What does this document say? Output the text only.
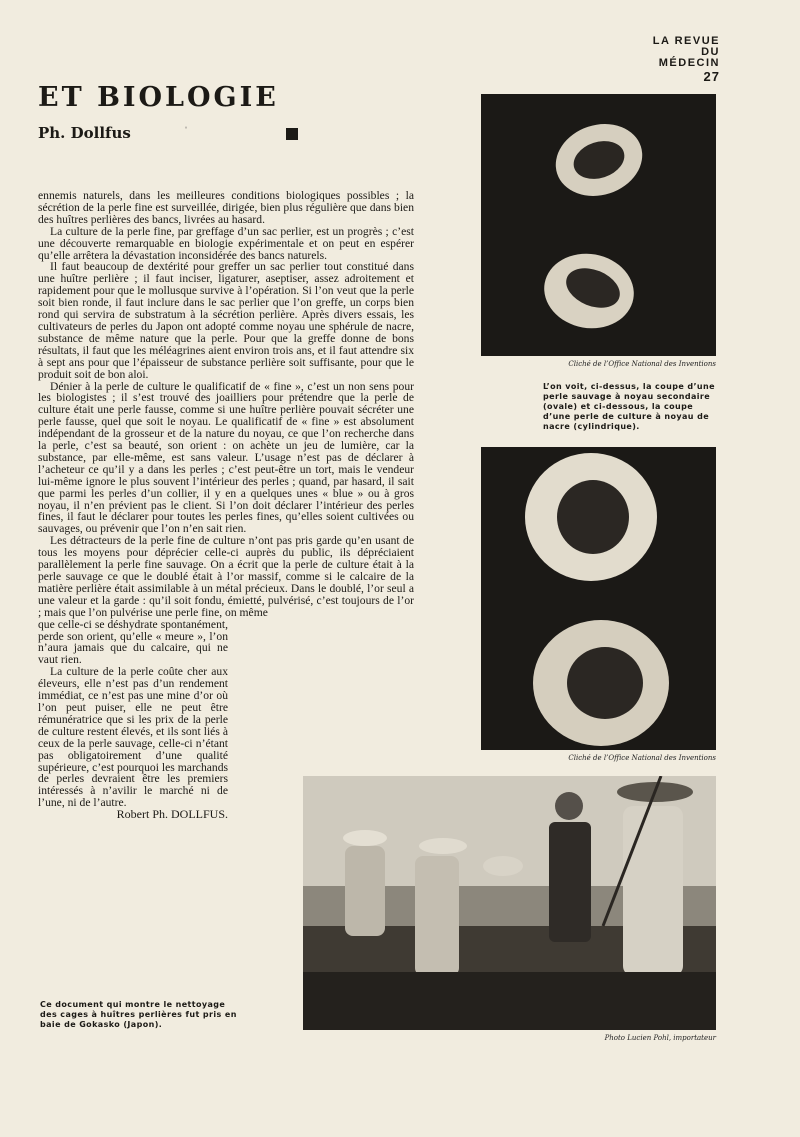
LA REVUE
DU
MÉDECIN
27
ET BIOLOGIE
Ph. Dollfus	ˈ

ennemis naturels, dans les meilleures conditions biologiques possibles ; la sécrétion de la perle fine est surveillée, dirigée, bien plus régulière que dans bien des huîtres perlières des bancs, livrées au hasard.

La culture de la perle fine, par greffage d’un sac perlier, est un progrès ; c’est une découverte remarquable en biologie expérimentale et on peut en espérer qu’elle arrêtera la dévastation inconsidérée des bancs naturels.

Il faut beaucoup de dextérité pour greffer un sac perlier tout constitué dans une huître perlière ; il faut inciser, ligaturer, aseptiser, assez adroitement et rapidement pour que le mollusque survive à l’opération. Si l’on veut que la perle soit bien ronde, il faut inclure dans le sac perlier que l’on greffe, un corps bien rond qui servira de substratum à la sécrétion perlière. Après divers essais, les cultivateurs de perles du Japon ont adopté comme noyau une sphérule de nacre, substance de même nature que la perle. Pour que la greffe donne de bons résultats, il faut que les méléagrines aient environ trois ans, et il faut attendre six à sept ans pour que l’épaisseur de substance perlière soit suffisante, pour que le produit soit de bon aloi.

Dénier à la perle de culture le qualificatif de « fine », c’est un non sens pour les biologistes ; il s’est trouvé des joailliers pour prétendre que la perle de culture était une perle fausse, comme si une huître perlière pouvait sécréter une perle fausse, quel que soit le noyau. Le qualificatif de « fine » est absolument indépendant de la grosseur et de la nature du noyau, ce que l’on recherche dans la perle, c’est sa beauté, son orient : on achète un jeu de lumière, car la substance, par elle-même, est sans valeur. L’usage n’est pas de déclarer à l’acheteur ce qu’il y a dans les perles ; c’est peut-être un tort, mais le vendeur lui-même ignore le plus souvent l’intérieur des perles ; quand, par hasard, il sait que parmi les perles d’un collier, il y en a quelques unes « blue » ou à gros noyau, il n’en prévient pas le client. Si l’on doit déclarer l’intérieur des perles fines, il faut le déclarer pour toutes les perles fines, qu’elles soient cultivées ou sauvages, ou prévenir que l’on n’en sait rien.

Les détracteurs de la perle fine de culture n’ont pas pris garde qu’en usant de tous les moyens pour déprécier celle-ci auprès du public, ils dépréciaient parallèlement la perle fine sauvage. On a écrit que la perle de culture était à la perle sauvage ce que le doublé était à l’or massif, comme si le calcaire de la matière perlière était assimilable à un métal précieux. Dans le doublé, l’or seul a une valeur et la garde : qu’il soit fondu, émietté, pulvérisé, c’est toujours de l’or ; mais que l’on pulvérise une perle fine, on même

que celle-ci se déshydrate spontanément, perde son orient, qu’elle « meure », l’on n’aura jamais que du calcaire, qui ne vaut rien.

La culture de la perle coûte cher aux éleveurs, elle n’est pas d’un rendement immédiat, ce n’est pas une mine d’or où l’on peut puiser, elle ne peut être rémunératrice que si les prix de la perle de culture restent élevés, et ils sont liés à ceux de la perle sauvage, celle-ci n’étant pas obligatoirement d’une qualité supérieure, c’est pourquoi les marchands de perles devraient être les premiers intéressés à n’avilir le marché ni de l’une, ni de l’autre.

Robert Ph. DOLLFUS.

Cliché de l’Office National des Inventions
L’on voit, ci-dessus, la coupe d’une perle sauvage à noyau secondaire (ovale) et ci-dessous, la coupe d’une perle de culture à noyau de nacre (cylindrique).
Cliché de l’Office National des Inventions
Photo Lucien Pohl, importateur
Ce document qui montre le nettoyage des cages à huîtres perlières fut pris en baie de Gokasko (Japon).
